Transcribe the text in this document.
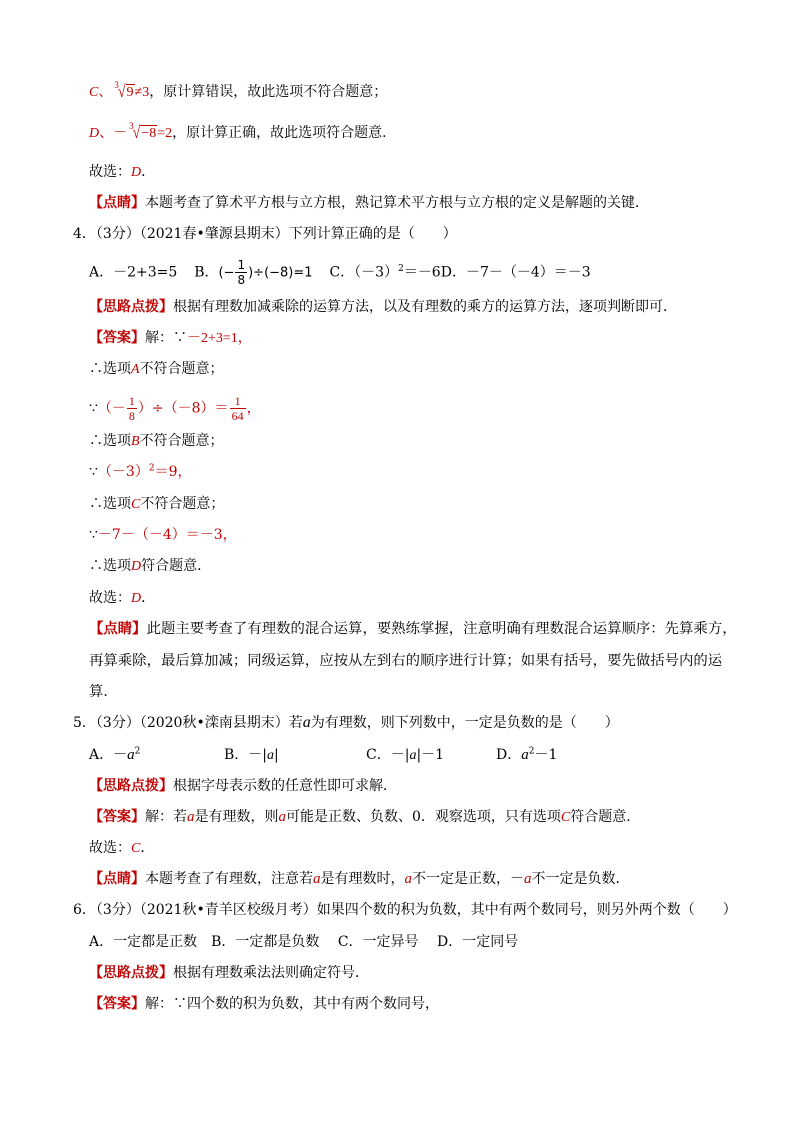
C、 $^3$√9≠3，原计算错误，故此选项不符合题意；
D、－ $^3$√−8=2，原计算正确，故此选项符合题意．
故选：D．
【点睛】本题考查了算术平方根与立方根，熟记算术平方根与立方根的定义是解题的关键．
4．（3分）（2021春•肇源县期末）下列计算正确的是（　　）
A．－2+3=5 B．(− $\frac{1}{8} )\div(-8)=1$ C．$(-3)^2=-6D$．－7－（－4）＝－3
【思路点拨】根据有理数加减乘除的运算方法，以及有理数的乘方的运算方法，逐项判断即可．
【答案】解：∵－2+3=1，
∴选项A不符合题意；
∵（－ $\frac{1}{8} )\div(-8)= \frac{1}{64}$ ，
∴选项B不符合题意；
$\because(-3)^2=9$，
∴选项C不符合题意；
∵－7－（－4）＝－3，
∴选项D符合题意．
故选：D．
【点睛】此题主要考查了有理数的混合运算，要熟练掌握，注意明确有理数混合运算顺序：先算乘方，
再算乘除，最后算加减；同级运算，应按从左到右的顺序进行计算；如果有括号，要先做括号内的运
算．
5．（3分）（2020秋•滦南县期末）若a为有理数，则下列数中，一定是负数的是（　　）
A．$-a^2$	B．－|a|	C．－|a|－1	D．$a^2-1$
【思路点拨】根据字母表示数的任意性即可求解．
【答案】解：若a是有理数，则a可能是正数、负数、0．观察选项，只有选项C符合题意．
故选：C．
【点睛】本题考查了有理数，注意若a是有理数时，a不一定是正数，－a不一定是负数．
6．（3分）（2021秋•青羊区校级月考）如果四个数的积为负数，其中有两个数同号，则另外两个数（　　）
A．一定都是正数　B．一定都是负数　 C．一定异号　 D．一定同号
【思路点拨】根据有理数乘法法则确定符号．
【答案】解：∵四个数的积为负数，其中有两个数同号，
